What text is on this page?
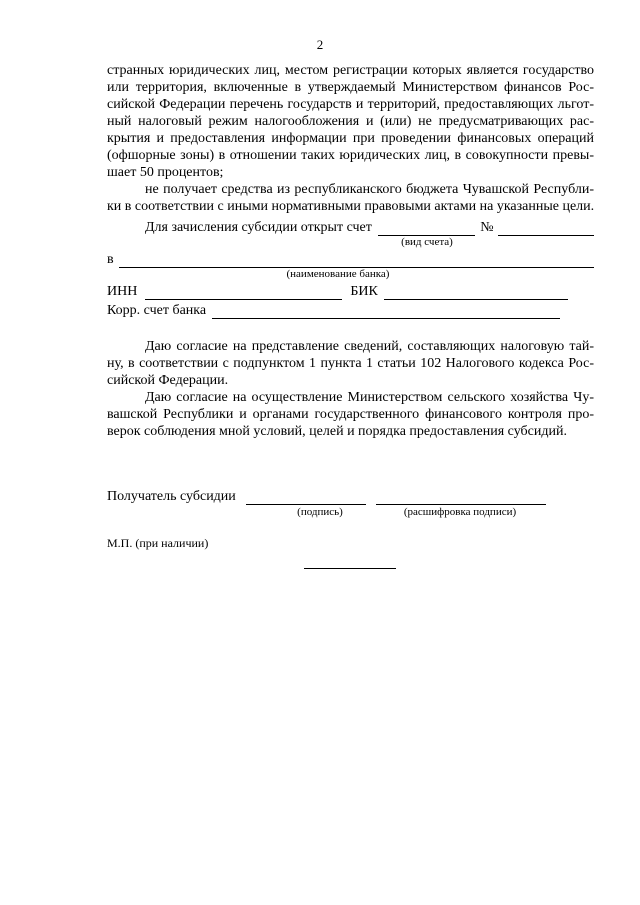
2
странных юридических лиц, местом регистрации которых является государство
или территория, включенные в утверждаемый Министерством финансов Рос-
сийской Федерации перечень государств и территорий, предоставляющих льгот-
ный налоговый режим налогообложения и (или) не предусматривающих рас-
крытия и предоставления информации при проведении финансовых операций
(офшорные зоны) в отношении таких юридических лиц, в совокупности превы-
шает 50 процентов;
не получает средства из республиканского бюджета Чувашской Республи-
ки в соответствии с иными нормативными правовыми актами на указанные цели.
Для зачисления субсидии открыт счет	№
(вид счета)
в
(наименование банка)
ИНН	БИК
Корр. счет банка
Даю согласие на представление сведений, составляющих налоговую тай-
ну, в соответствии с подпунктом 1 пункта 1 статьи 102 Налогового кодекса Рос-
сийской Федерации.
Даю согласие на осуществление Министерством сельского хозяйства Чу-
вашской Республики и органами государственного финансового контроля про-
верок соблюдения мной условий, целей и порядка предоставления субсидий.
Получатель субсидии
(подпись)	(расшифровка подписи)
М.П. (при наличии)
